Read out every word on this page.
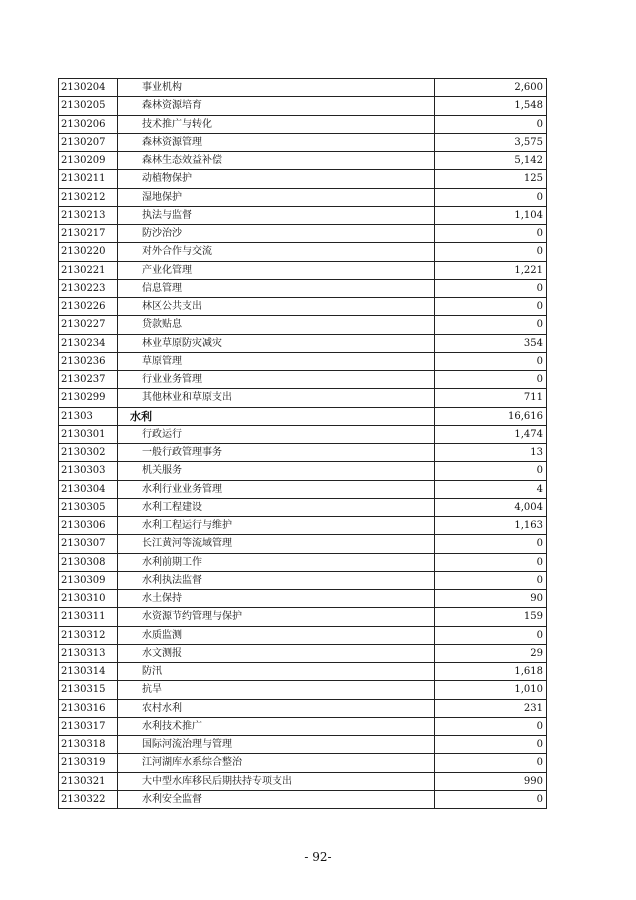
2130204	事业机构	2,600
2130205	森林资源培育	1,548
2130206	技术推广与转化	0
2130207	森林资源管理	3,575
2130209	森林生态效益补偿	5,142
2130211	动植物保护	125
2130212	湿地保护	0
2130213	执法与监督	1,104
2130217	防沙治沙	0
2130220	对外合作与交流	0
2130221	产业化管理	1,221
2130223	信息管理	0
2130226	林区公共支出	0
2130227	贷款贴息	0
2130234	林业草原防灾减灾	354
2130236	草原管理	0
2130237	行业业务管理	0
2130299	其他林业和草原支出	711
21303	水利	16,616
2130301	行政运行	1,474
2130302	一般行政管理事务	13
2130303	机关服务	0
2130304	水利行业业务管理	4
2130305	水利工程建设	4,004
2130306	水利工程运行与维护	1,163
2130307	长江黄河等流域管理	0
2130308	水利前期工作	0
2130309	水利执法监督	0
2130310	水土保持	90
2130311	水资源节约管理与保护	159
2130312	水质监测	0
2130313	水文测报	29
2130314	防汛	1,618
2130315	抗旱	1,010
2130316	农村水利	231
2130317	水利技术推广	0
2130318	国际河流治理与管理	0
2130319	江河湖库水系综合整治	0
2130321	大中型水库移民后期扶持专项支出	990
2130322	水利安全监督	0
- 92-
